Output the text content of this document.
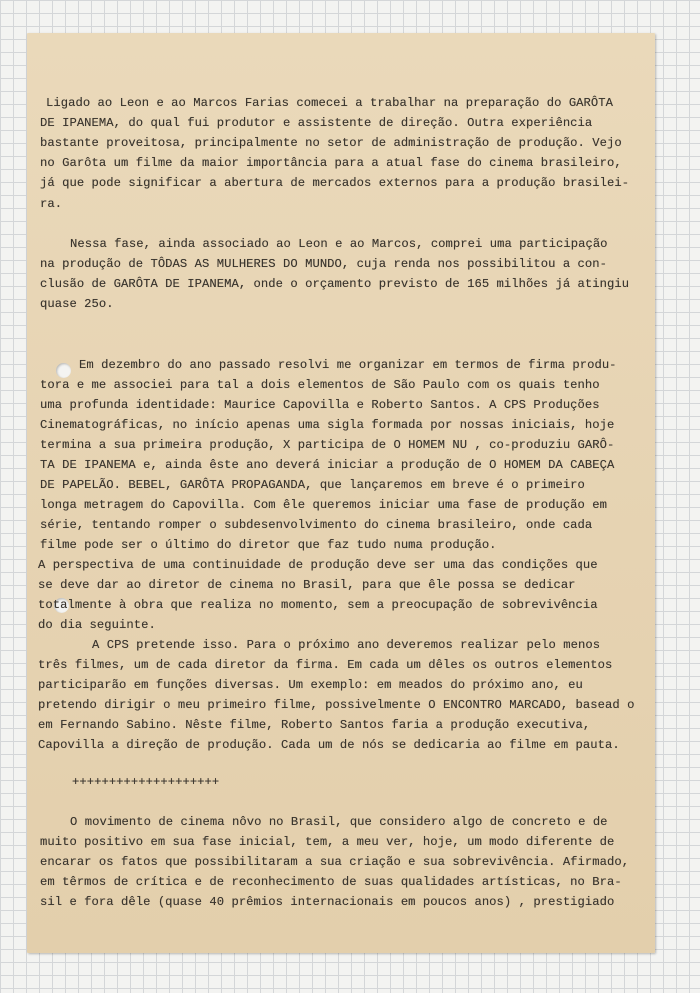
Ligado ao Leon e ao Marcos Farias comecei a trabalhar na preparação do GARÔTA
DE IPANEMA, do qual fui produtor e assistente de direção. Outra experiência
bastante proveitosa, principalmente no setor de administração de produção. Vejo
no Garôta um filme da maior importância para a atual fase do cinema brasileiro,
já que pode significar a abertura de mercados externos para a produção brasilei-
ra.
Nessa fase, ainda associado ao Leon e ao Marcos, comprei uma participação
na produção de TÔDAS AS MULHERES DO MUNDO, cuja renda nos possibilitou a con-
clusão de GARÔTA DE IPANEMA, onde o orçamento previsto de 165 milhões já atingiu
quase 25o.
Em dezembro do ano passado resolvi me organizar em termos de firma produ-
tora e me associei para tal a dois elementos de São Paulo com os quais tenho
uma profunda identidade: Maurice Capovilla e Roberto Santos. A CPS Produções
Cinematográficas, no início apenas uma sigla formada por nossas iniciais, hoje
termina a sua primeira produção, X participa de O HOMEM NU , co-produziu GARÔ-
TA DE IPANEMA e, ainda êste ano deverá iniciar a produção de O HOMEM DA CABEÇA
DE PAPELÃO. BEBEL, GARÔTA PROPAGANDA, que lançaremos em breve é o primeiro
longa metragem do Capovilla. Com êle queremos iniciar uma fase de produção em
série, tentando romper o subdesenvolvimento do cinema brasileiro, onde cada
filme pode ser o último do diretor que faz tudo numa produção.
A perspectiva de uma continuidade de produção deve ser uma das condições que
se deve dar ao diretor de cinema no Brasil, para que êle possa se dedicar
totalmente à obra que realiza no momento, sem a preocupação de sobrevivência
do dia seguinte.
A CPS pretende isso. Para o próximo ano deveremos realizar pelo menos
três filmes, um de cada diretor da firma. Em cada um dêles os outros elementos
participarão em funções diversas. Um exemplo: em meados do próximo ano, eu
pretendo dirigir o meu primeiro filme, possivelmente O ENCONTRO MARCADO, basead o
em Fernando Sabino. Nêste filme, Roberto Santos faria a produção executiva,
Capovilla a direção de produção. Cada um de nós se dedicaria ao filme em pauta.
++++++++++++++++++++
O movimento de cinema nôvo no Brasil, que considero algo de concreto e de
muito positivo em sua fase inicial, tem, a meu ver, hoje, um modo diferente de
encarar os fatos que possibilitaram a sua criação e sua sobrevivência. Afirmado,
em têrmos de crítica e de reconhecimento de suas qualidades artísticas, no Bra-
sil e fora dêle (quase 40 prêmios internacionais em poucos anos) , prestigiado
